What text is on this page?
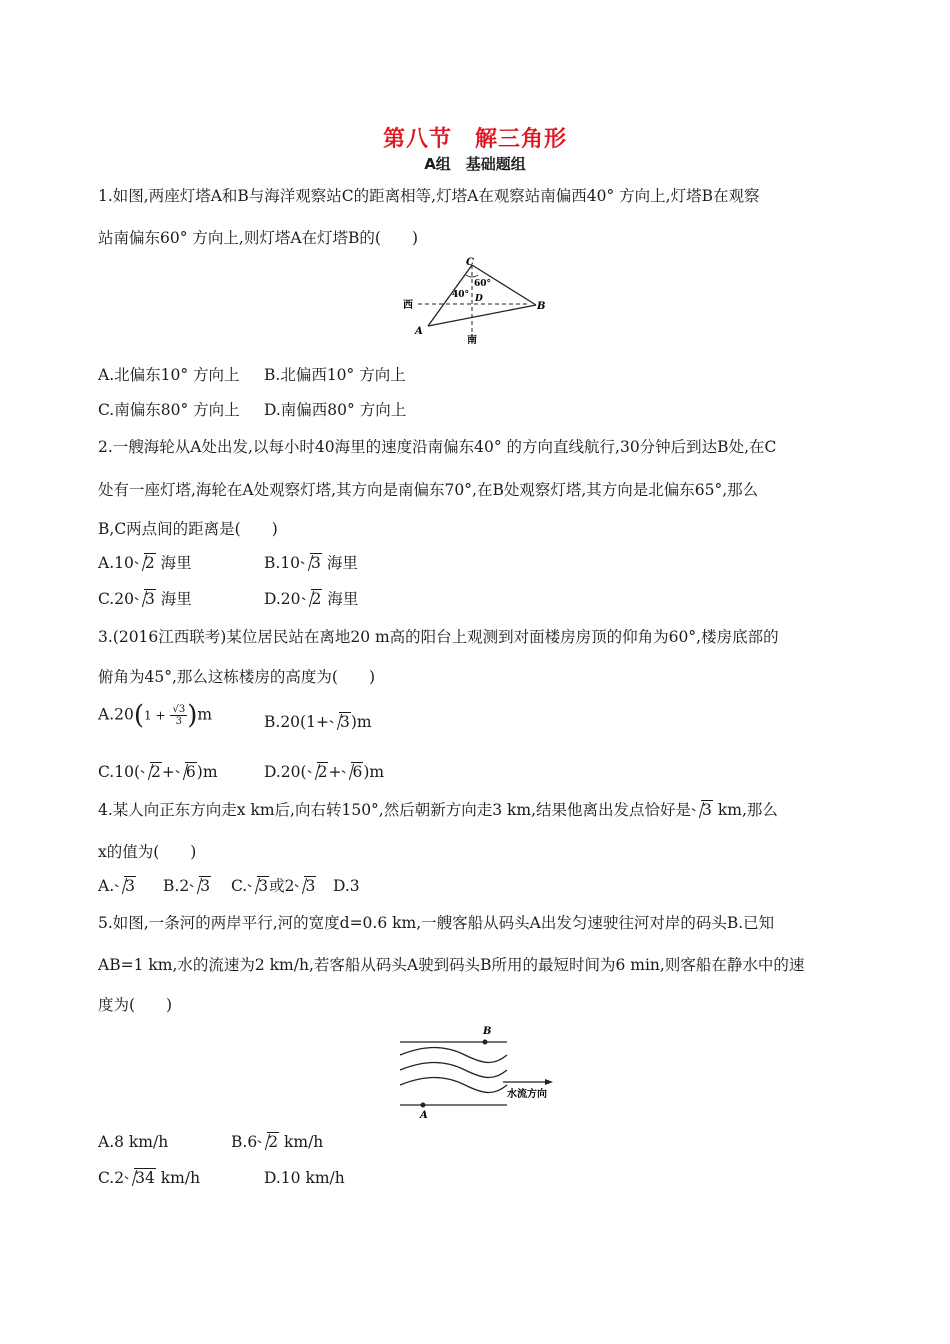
第八节　解三角形
A组　基础题组
1.如图,两座灯塔A和B与海洋观察站C的距离相等,灯塔A在观察站南偏西40° 方向上,灯塔B在观察
站南偏东60° 方向上,则灯塔A在灯塔B的(　　)
C
A
B
D
西
南
40°
60°
A.北偏东10° 方向上 B.北偏西10° 方向上
C.南偏东80° 方向上 D.南偏西80° 方向上
2.一艘海轮从A处出发,以每小时40海里的速度沿南偏东40° 的方向直线航行,30分钟后到达B处,在C
处有一座灯塔,海轮在A处观察灯塔,其方向是南偏东70°,在B处观察灯塔,其方向是北偏东65°,那么
B,C两点间的距离是(　　)
A.10 2 海里	B.10 3 海里
C.20 3 海里	D.20 2 海里
3.(2016江西联考)某位居民站在离地20 m高的阳台上观测到对面楼房房顶的仰角为60°,楼房底部的
俯角为45°,那么这栋楼房的高度为(　　)
$A.20(1 + \frac{√3}{3})m$	B.20(1+ 3)m
C.10( 2+ 6)m	D.20( 2+ 6)m
4.某人向正东方向走x km后,向右转150°,然后朝新方向走3 km,结果他离出发点恰好是 3 km,那么
x的值为(　　)
A. 3 B.2 3 C. 3或2 3 D.3
5.如图,一条河的两岸平行,河的宽度d=0.6 km,一艘客船从码头A出发匀速驶往河对岸的码头B.已知
AB=1 km,水的流速为2 km/h,若客船从码头A驶到码头B所用的最短时间为6 min,则客船在静水中的速
度为(　　)
B
A
水流方向
A.8 km/h	B.6 2 km/h
C.2 34 km/h	D.10 km/h
